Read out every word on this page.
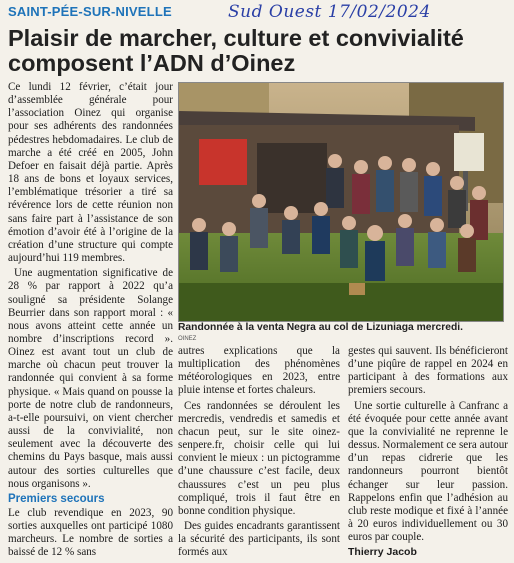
SAINT-PÉE-SUR-NIVELLE	Sud Ouest 17/02/2024
Plaisir de marcher, culture et convivialité composent l’ADN d’Oinez

Ce lundi 12 février, c’était jour d’assemblée générale pour l’association Oinez qui organise pour ses adhérents des randonnées pédestres hebdomadaires. Le club de marche a été créé en 2005, John Defoer en faisait déjà partie. Après 18 ans de bons et loyaux services, l’emblématique trésorier a tiré sa révérence lors de cette réunion non sans faire part à l’assistance de son émotion d’avoir été à l’origine de la création d’une structure qui compte aujourd’hui 119 membres.

Une augmentation significative de 28 % par rapport à 2022 qu’a souligné sa présidente Solange Beurrier dans son rapport moral : « nous avons atteint cette année un nombre d’inscriptions record ». Oinez est avant tout un club de marche où chacun peut trouver la randonnée qui convient à sa forme physique. « Mais quand on pousse la porte de notre club de randonneurs, a-t-elle poursuivi, on vient chercher aussi de la convivialité, non seulement avec la découverte des chemins du Pays basque, mais aussi autour des sorties culturelles que nous organisons ».

Premiers secours

Le club revendique en 2023, 90 sorties auxquelles ont participé 1080 marcheurs. Le nombre de sorties a baissé de 12 % sans

Randonnée à la venta Negra au col de Lizuniaga mercredi.
OINEZ

autres explications que la multiplication des phénomènes météorologiques en 2023, entre pluie intense et fortes chaleurs.

Ces randonnées se déroulent les mercredis, vendredis et samedis et chacun peut, sur le site oinez-senpere.fr, choisir celle qui lui convient le mieux : un pictogramme d’une chaussure c’est facile, deux chaussures c’est un peu plus compliqué, trois il faut être en bonne condition physique.

Des guides encadrants garantissent la sécurité des participants, ils sont formés aux

gestes qui sauvent. Ils bénéficieront d’une piqûre de rappel en 2024 en participant à des formations aux premiers secours.

Une sortie culturelle à Canfranc a été évoquée pour cette année avant que la convivialité ne reprenne le dessus. Normalement ce sera autour d’un repas cidrerie que les randonneurs pourront bientôt échanger sur leur passion. Rappelons enfin que l’adhésion au club reste modique et fixé à l’année à 20 euros individuellement ou 30 euros par couple.

Thierry Jacob
